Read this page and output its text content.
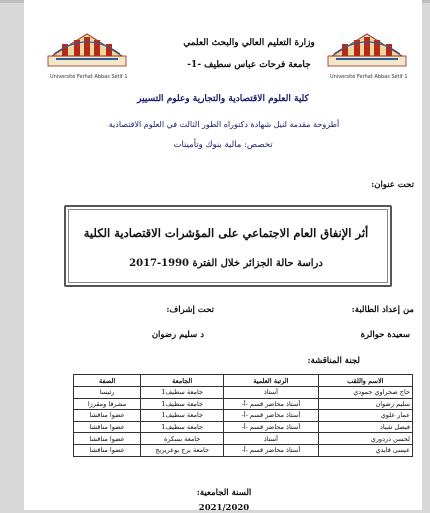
Université Ferhat Abbas Sétif 1	Université Ferhat Abbas Sétif 1
وزارة التعليم العالي والبحث العلمي
جامعة فرحات عباس سطيف -1-
كلية العلوم الاقتصادية والتجارية وعلوم التسيير
أطروحة مقدمة لنيل شهادة دكتوراه الطور الثالث في العلوم الاقتصادية
تخصص: مالية بنوك وتأمينات
تحت عنوان:
أثر الإنفاق العام الاجتماعي على المؤشرات الاقتصادية الكلية
دراسة حالة الجزائر خلال الفترة 1990-2017
من إعداد الطالبة:
تحت إشراف:
سعيدة حوالرة
د سليم رضوان
لجنة المناقشة:
الاسم واللقب	الرتبة العلمية	الجامعة	الصفة
حاج صحراوي حمودي	أستاذ	جامعة سطيف1	رئيسا
سليم رضوان	أستاذ محاضر قسم -أ-	جامعة سطيف1	مشرفا ومقررا
عمار علوي	أستاذ محاضر قسم -أ-	جامعة سطيف1	عضوا مناقشا
فيصل شياد	أستاذ محاضر قسم -أ-	جامعة سطيف1	عضوا مناقشا
لحسن دردوري	أستاذ	جامعة بسكرة	عضوا مناقشا
عيسى قايدي	أستاذ محاضر قسم -أ-	جامعة برج بوعريريج	عضوا مناقشا
السنة الجامعية:
2021/2020
